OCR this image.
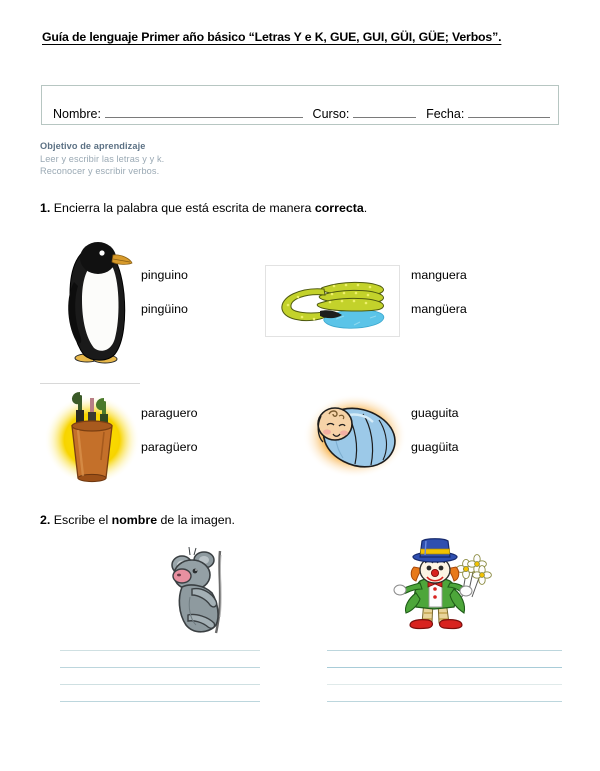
Guía de lenguaje Primer año básico “Letras Y e K, GUE, GUI, GÜI, GÜE; Verbos”.
Nombre:	Curso:	Fecha:
Objetivo de aprendizaje
Leer y escribir las letras y y k.
Reconocer y escribir verbos.
1. Encierra la palabra que está escrita de manera correcta.
pinguino
pingüino
manguera
mangüera
paraguero
paragüero
guaguita
guagüita
2. Escribe el nombre de la imagen.
